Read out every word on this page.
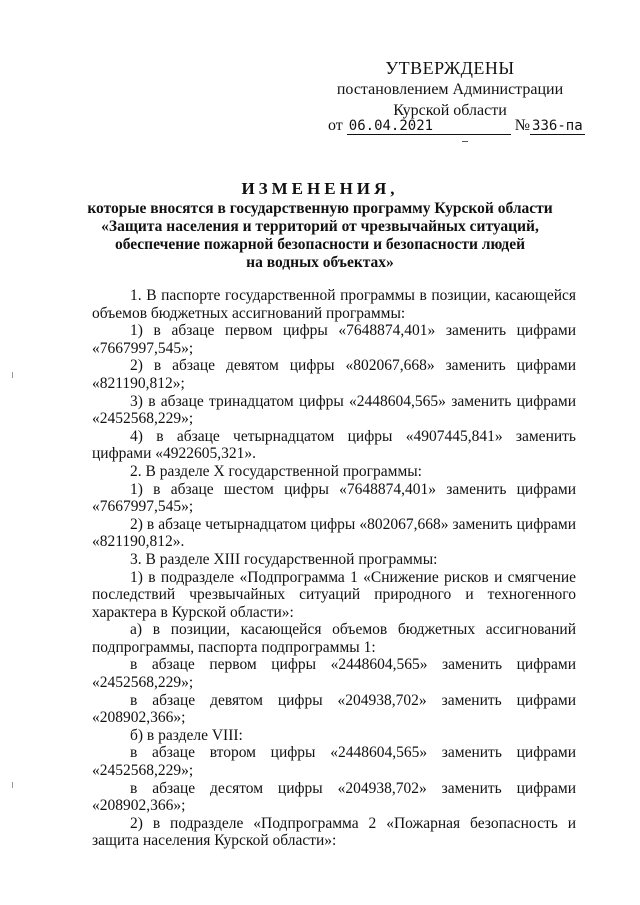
УТВЕРЖДЕНЫ
постановлением Администрации
Курской области
от 06.04.2021	№ 336-па
ИЗМЕНЕНИЯ,
которые вносятся в государственную программу Курской области
«Защита населения и территорий от чрезвычайных ситуаций,
обеспечение пожарной безопасности и безопасности людей
на водных объектах»

1. В паспорте государственной программы в позиции, касающейся объемов бюджетных ассигнований программы:

1) в абзаце первом цифры «7648874,401» заменить цифрами «7667997,545»;

2) в абзаце девятом цифры «802067,668» заменить цифрами «821190,812»;

3) в абзаце тринадцатом цифры «2448604,565» заменить цифрами «2452568,229»;

4) в абзаце четырнадцатом цифры «4907445,841» заменить цифрами «4922605,321».

2. В разделе X государственной программы:

1) в абзаце шестом цифры «7648874,401» заменить цифрами «7667997,545»;

2) в абзаце четырнадцатом цифры «802067,668» заменить цифрами «821190,812».

3. В разделе XIII государственной программы:

1) в подразделе «Подпрограмма 1 «Снижение рисков и смягчение последствий чрезвычайных ситуаций природного и техногенного характера в Курской области»:

а) в позиции, касающейся объемов бюджетных ассигнований подпрограммы, паспорта подпрограммы 1:

в абзаце первом цифры «2448604,565» заменить цифрами «2452568,229»;

в абзаце девятом цифры «204938,702» заменить цифрами «208902,366»;

б) в разделе VIII:

в абзаце втором цифры «2448604,565» заменить цифрами «2452568,229»;

в абзаце десятом цифры «204938,702» заменить цифрами «208902,366»;

2) в подразделе «Подпрограмма 2 «Пожарная безопасность и защита населения Курской области»:
